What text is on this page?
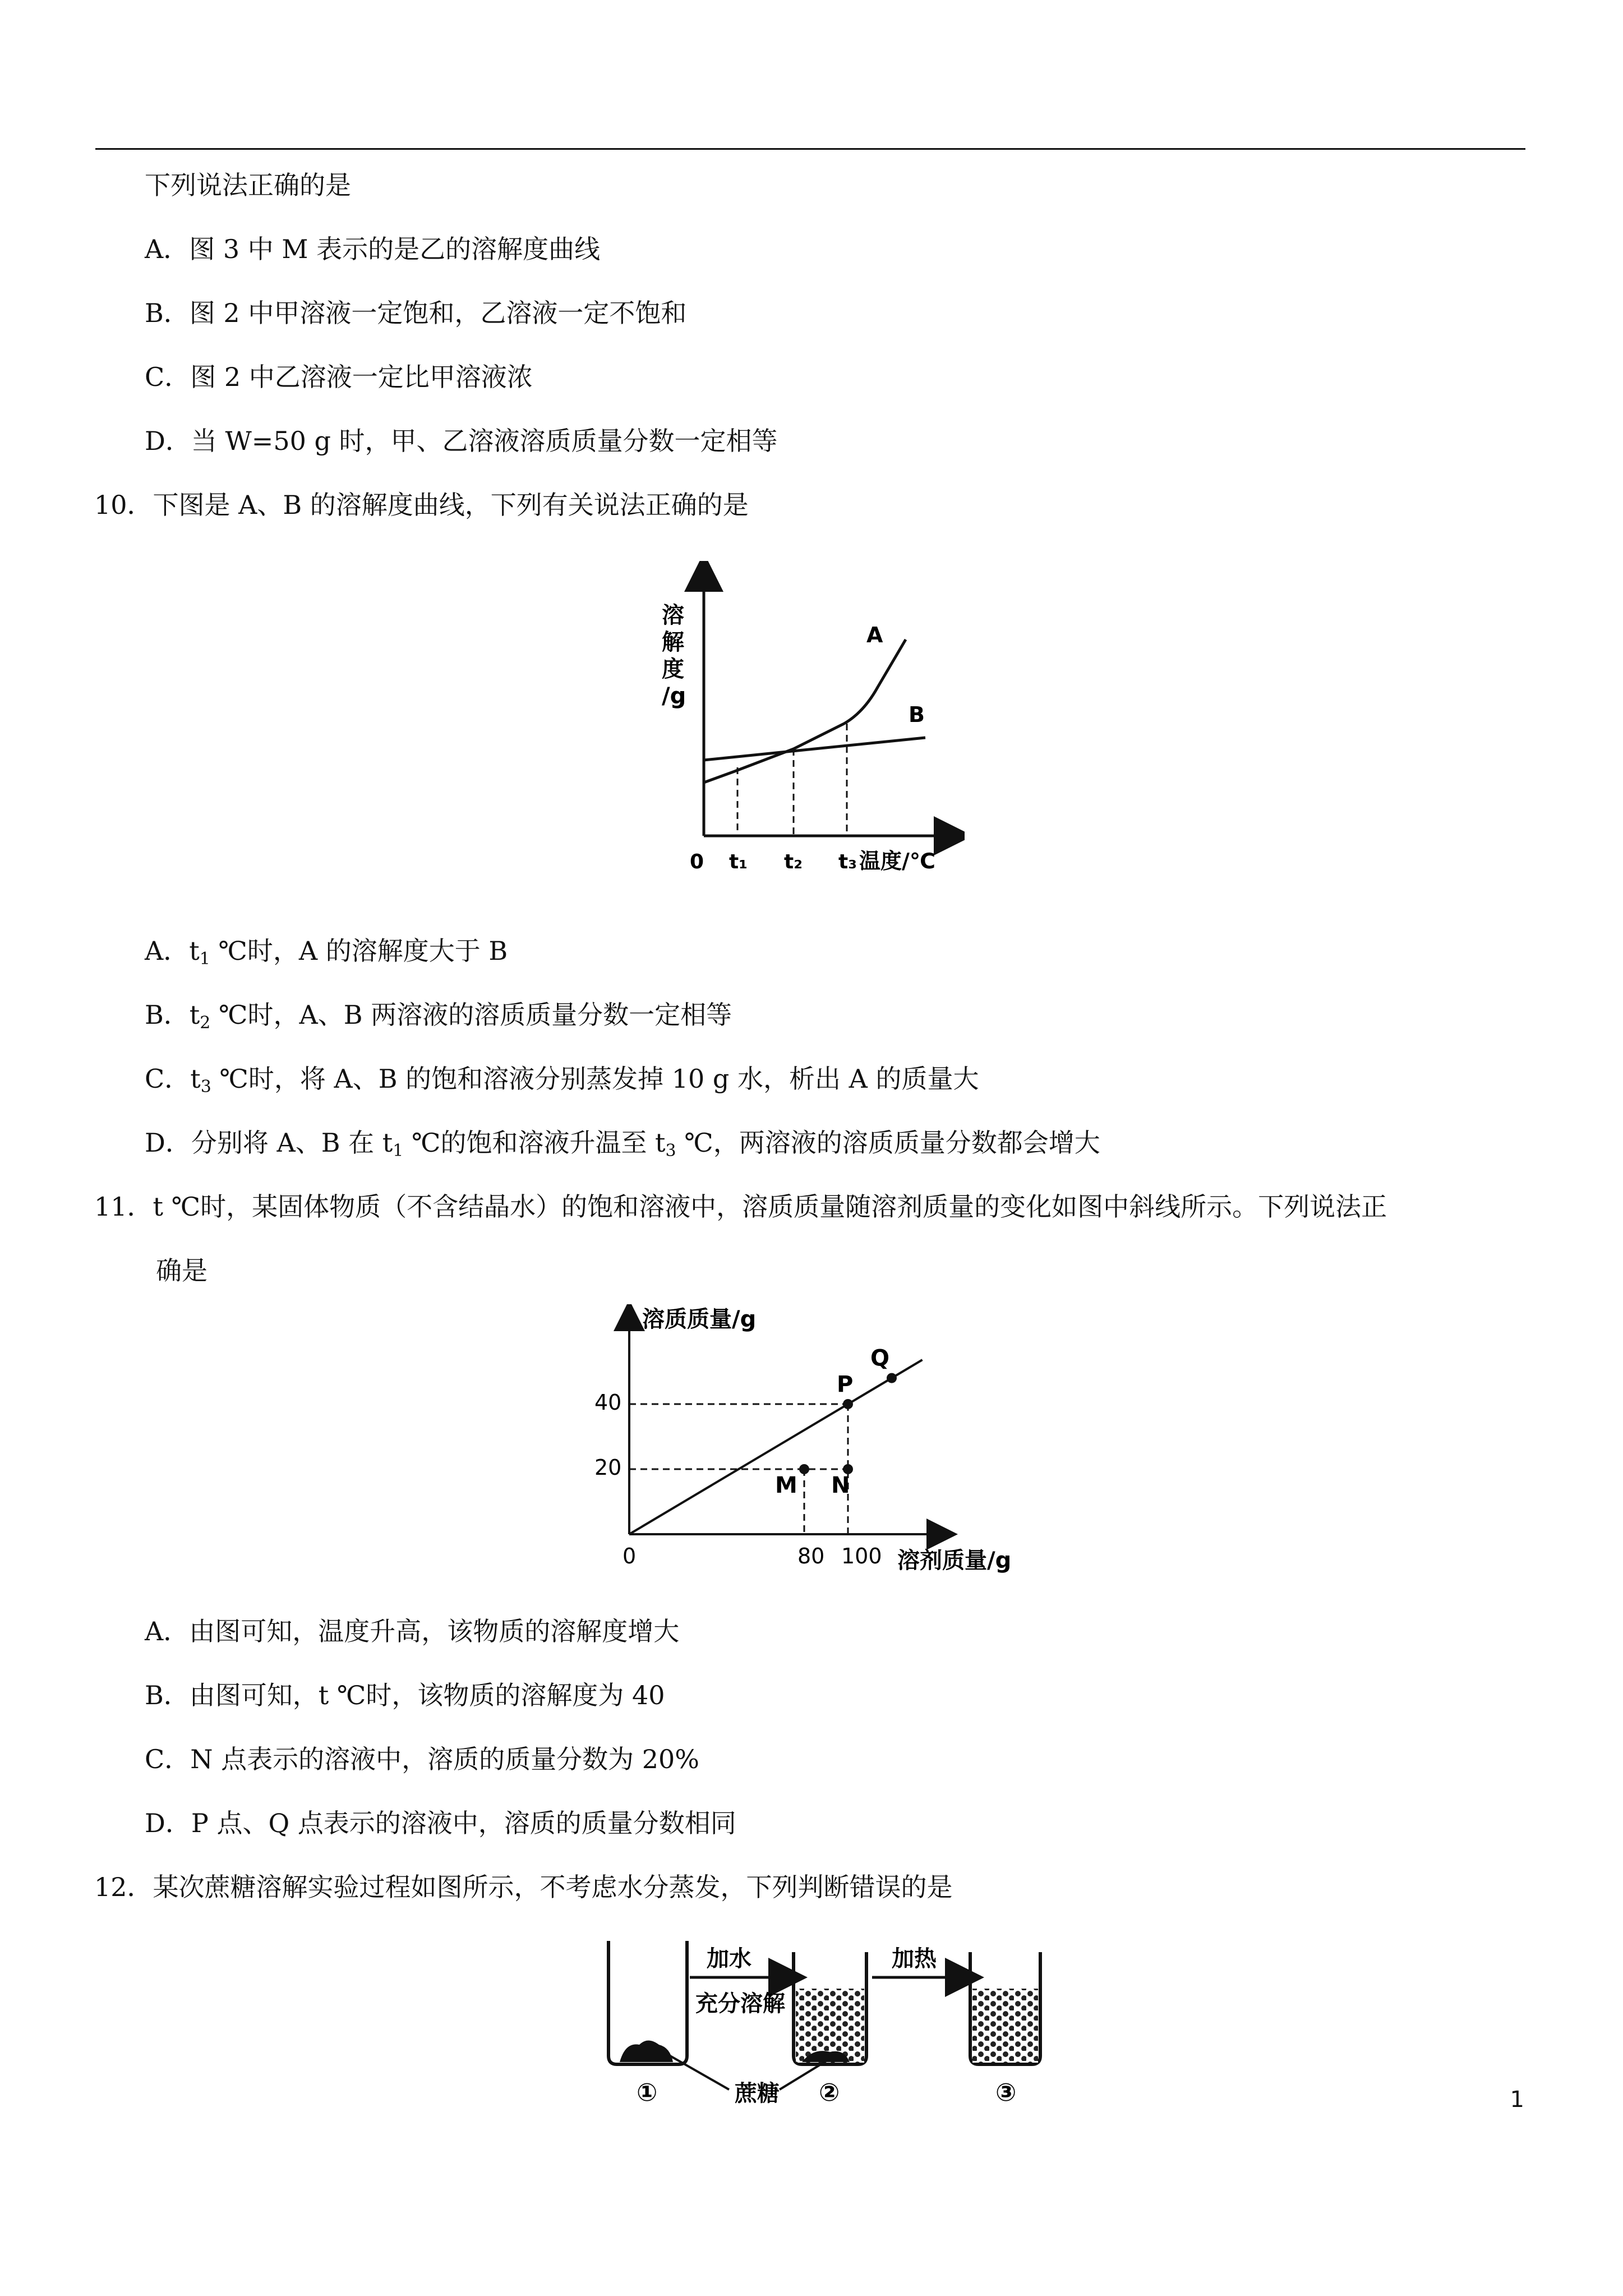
下列说法正确的是
A．图 3 中 M 表示的是乙的溶解度曲线
B．图 2 中甲溶液一定饱和，乙溶液一定不饱和
C．图 2 中乙溶液一定比甲溶液浓
D．当 W=50 g 时，甲、乙溶液溶质质量分数一定相等
10．下图是 A、B 的溶解度曲线，下列有关说法正确的是
溶
解
度
/g
A
B
0 t₁ t₂ t₃ 温度/℃
A．$t_1$ ℃时，A 的溶解度大于 B
B．$t_2$ ℃时，A、B 两溶液的溶质质量分数一定相等
C．$t_3$ ℃时，将 A、B 的饱和溶液分别蒸发掉 10 g 水，析出 A 的质量大
D．分别将 A、B 在 $t_1$ ℃的饱和溶液升温至 $t_3$ ℃，两溶液的溶质质量分数都会增大
11．t ℃时，某固体物质（不含结晶水）的饱和溶液中，溶质质量随溶剂质量的变化如图中斜线所示。下列说法正
确是
溶质质量/g
溶剂质量/g
0	80 100
20
40
P
Q
M N
A．由图可知，温度升高，该物质的溶解度增大
B．由图可知，t ℃时，该物质的溶解度为 40
C．N 点表示的溶液中，溶质的质量分数为 20%
D．P 点、Q 点表示的溶液中，溶质的质量分数相同
12．某次蔗糖溶解实验过程如图所示，不考虑水分蒸发，下列判断错误的是
加水
充分溶解
加热
蔗糖
①	②	③	1
